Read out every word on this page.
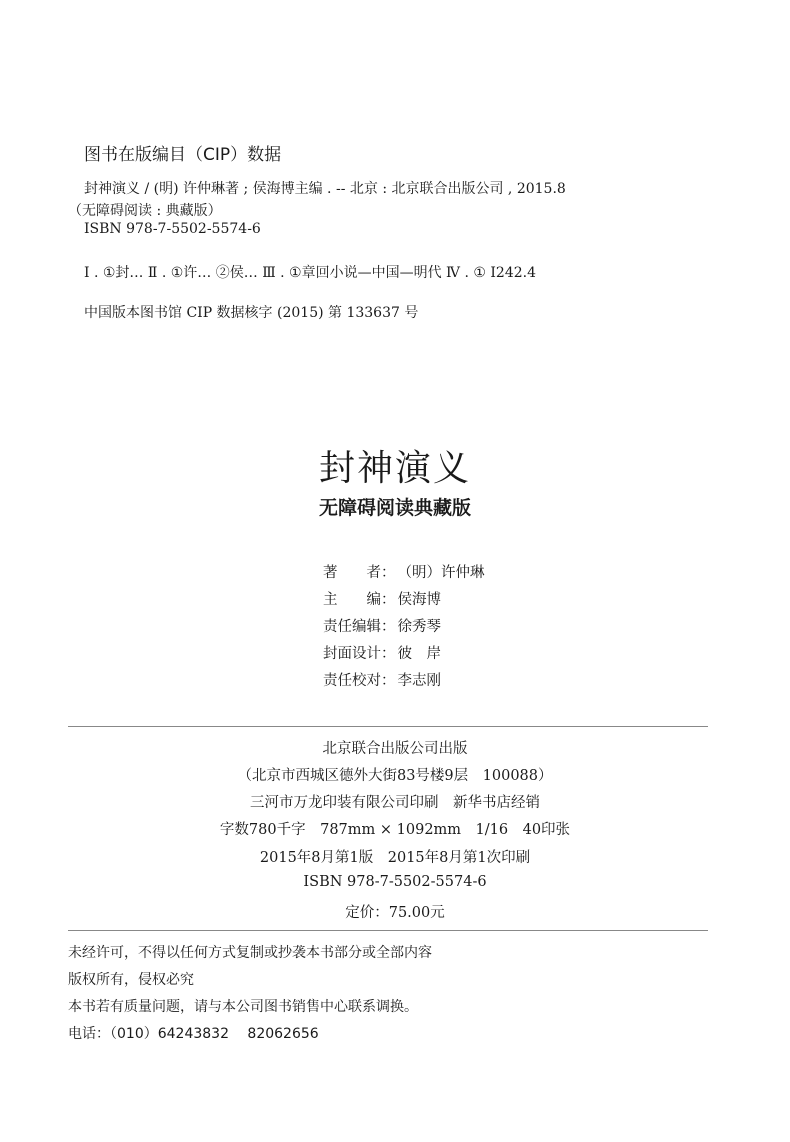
图书在版编目（CIP）数据
封神演义 / (明) 许仲琳著 ; 侯海博主编 . -- 北京 : 北京联合出版公司 , 2015.8
（无障碍阅读 : 典藏版）
ISBN 978-7-5502-5574-6
Ⅰ . ①封… Ⅱ . ①许… ②侯… Ⅲ . ①章回小说—中国—明代 Ⅳ . ① I242.4
中国版本图书馆 CIP 数据核字 (2015) 第 133637 号
封神演义
无障碍阅读典藏版
著　　者： （明）许仲琳
主　　编： 侯海博
责任编辑： 徐秀琴
封面设计： 彼　岸
责任校对： 李志刚
北京联合出版公司出版
（北京市西城区德外大街83号楼9层　100088）
三河市万龙印装有限公司印刷　新华书店经销
字数780千字　787mm × 1092mm　1/16　40印张
2015年8月第1版　2015年8月第1次印刷
ISBN 978-7-5502-5574-6
定价：75.00元
未经许可，不得以任何方式复制或抄袭本书部分或全部内容
版权所有，侵权必究
本书若有质量问题，请与本公司图书销售中心联系调换。
电话：（010）64243832　 82062656
